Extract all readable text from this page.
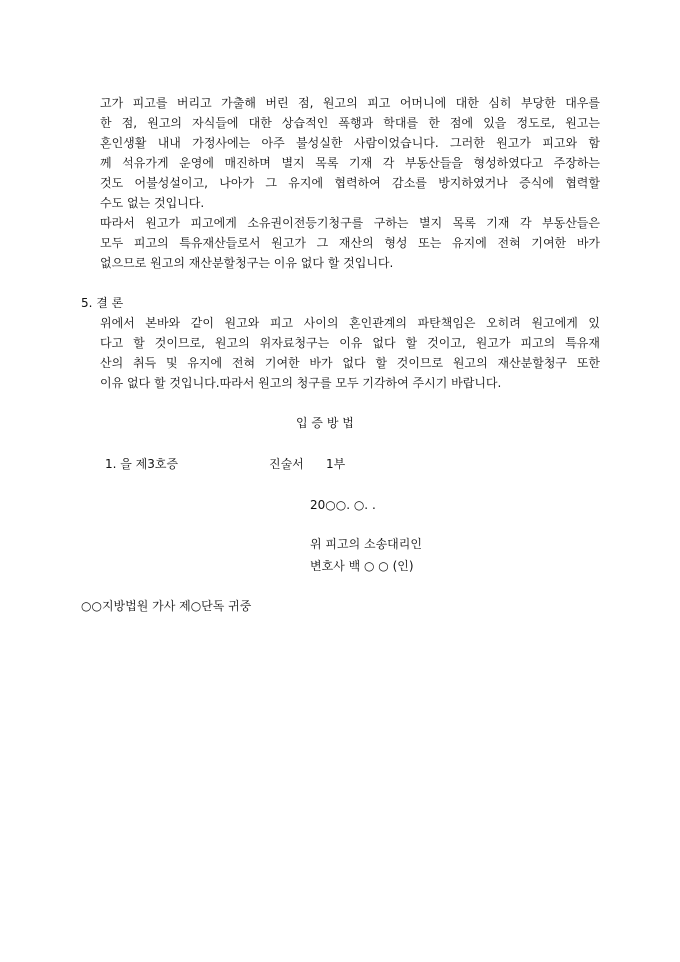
고가 피고를 버리고 가출해 버린 점, 원고의 피고 어머니에 대한 심히 부당한 대우를
한 점, 원고의 자식들에 대한 상습적인 폭행과 학대를 한 점에 있을 정도로, 원고는
혼인생활 내내 가정사에는 아주 불성실한 사람이었습니다. 그러한 원고가 피고와 함
께 석유가게 운영에 매진하며 별지 목록 기재 각 부동산들을 형성하였다고 주장하는
것도 어불성설이고, 나아가 그 유지에 협력하여 감소를 방지하였거나 증식에 협력할
수도 없는 것입니다.
따라서 원고가 피고에게 소유권이전등기청구를 구하는 별지 목록 기재 각 부동산들은
모두 피고의 특유재산들로서 원고가 그 재산의 형성 또는 유지에 전혀 기여한 바가
없으므로 원고의 재산분할청구는 이유 없다 할 것입니다.
5. 결 론
위에서 본바와 같이 원고와 피고 사이의 혼인관계의 파탄책임은 오히려 원고에게 있
다고 할 것이므로, 원고의 위자료청구는 이유 없다 할 것이고, 원고가 피고의 특유재
산의 취득 및 유지에 전혀 기여한 바가 없다 할 것이므로 원고의 재산분할청구 또한
이유 없다 할 것입니다.따라서 원고의 청구를 모두 기각하여 주시기 바랍니다.
입 증 방 법
1. 을 제3호증	진술서 1부
20○○. ○. .
위 피고의 소송대리인
변호사 백 ○ ○ (인)
○○지방법원 가사 제○단독 귀중
